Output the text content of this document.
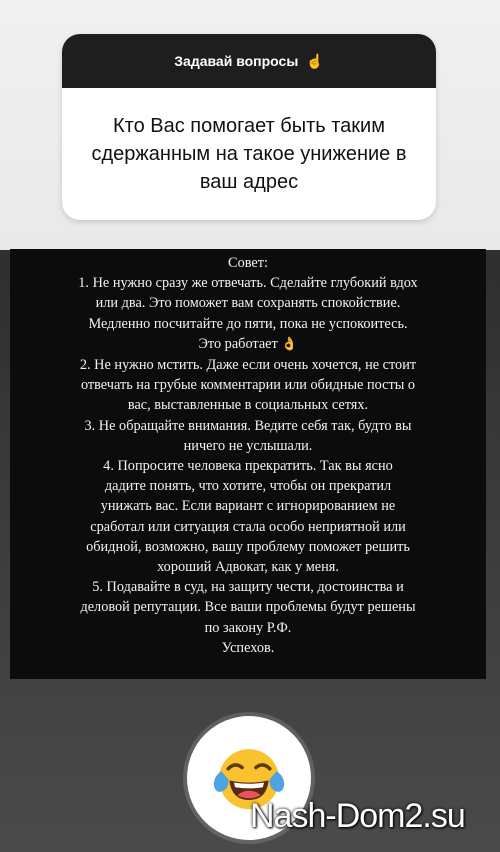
Задавай вопросы ☝
Кто Вас помогает быть таким сдержанным на такое унижение в ваш адрес
Совет:
1. Не нужно сразу же отвечать. Сделайте глубокий вдох
или два. Это поможет вам сохранять спокойствие.
Медленно посчитайте до пяти, пока не успокоитесь.
Это работает 👌
2. Не нужно мстить. Даже если очень хочется, не стоит
отвечать на грубые комментарии или обидные посты о
вас, выставленные в социальных сетях.
3. Не обращайте внимания. Ведите себя так, будто вы
ничего не услышали.
4. Попросите человека прекратить. Так вы ясно
дадите понять, что хотите, чтобы он прекратил
унижать вас. Если вариант с игнорированием не
сработал или ситуация стала особо неприятной или
обидной, возможно, вашу проблему поможет решить
хороший Адвокат, как у меня.
5. Подавайте в суд, на защиту чести, достоинства и
деловой репутации. Все ваши проблемы будут решены
по закону Р.Ф.
Успехов.
Nash-Dom2.su
